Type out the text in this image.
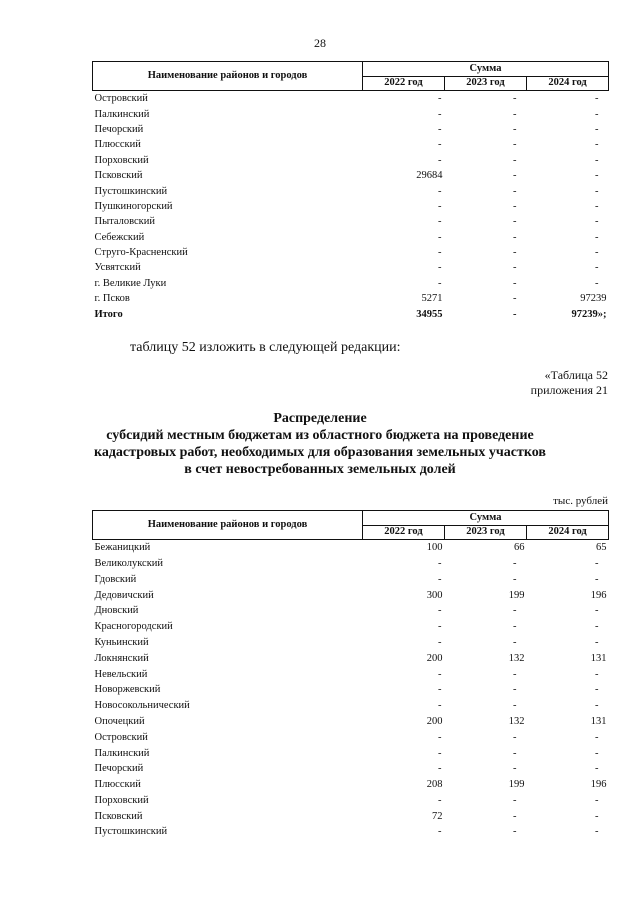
28
Наименование районов и городов	Сумма		
	2022 год	2023 год	2024 год
Островский	-	-	-
Палкинский	-	-	-
Печорский	-	-	-
Плюсский	-	-	-
Порховский	-	-	-
Псковский	29684	-	-
Пустошкинский	-	-	-
Пушкиногорский	-	-	-
Пыталовский	-	-	-
Себежский	-	-	-
Струго-Красненский	-	-	-
Усвятский	-	-	-
г. Великие Луки	-	-	-
г. Псков	5271	-	97239
Итого	34955	-	97239»;
таблицу 52 изложить в следующей редакции:
«Таблица 52
приложения 21
Распределение
субсидий местным бюджетам из областного бюджета на проведение
кадастровых работ, необходимых для образования земельных участков
в счет невостребованных земельных долей
тыс. рублей
Наименование районов и городов	Сумма		
	2022 год	2023 год	2024 год
Бежаницкий	100	66	65
Великолукский	-	-	-
Гдовский	-	-	-
Дедовичский	300	199	196
Дновский	-	-	-
Красногородский	-	-	-
Куньинский	-	-	-
Локнянский	200	132	131
Невельский	-	-	-
Новоржевский	-	-	-
Новосокольнический	-	-	-
Опочецкий	200	132	131
Островский	-	-	-
Палкинский	-	-	-
Печорский	-	-	-
Плюсский	208	199	196
Порховский	-	-	-
Псковский	72	-	-
Пустошкинский	-	-	-
